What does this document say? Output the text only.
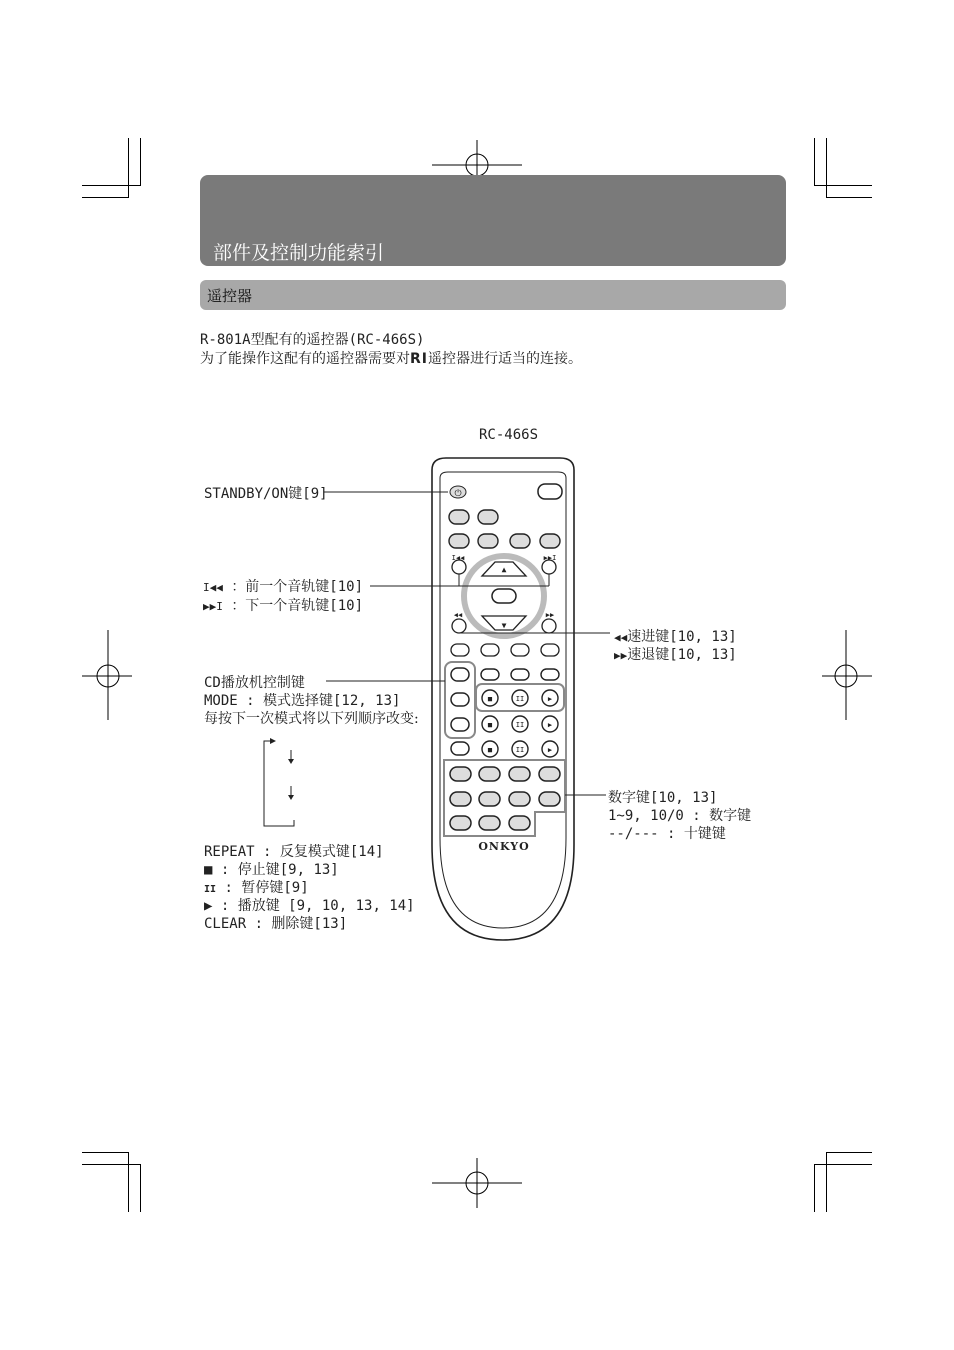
部件及控制功能索引
遥控器
R-801A型配有的遥控器(RC-466S)
为了能操作这配有的遥控器需要对RI遥控器进行适当的连接。
RC-466S
⏻
I◀◀	▶▶I
▲
▼
◀◀	▶▶
■	II	▶
■	II	▶
■	II	▶
ONKYO
STANDBY/ON键[9]
I◀◀ ：前一个音轨键[10]
▶▶I ：下一个音轨键[10]
◀◀速进键[10, 13]
▶▶速退键[10, 13]
CD播放机控制键
MODE : 模式选择键[12, 13]
每按下一次模式将以下列顺序改变:
数字键[10, 13]
1~9, 10/0 : 数字键
--/--- : 十键键
REPEAT : 反复模式键[14]
■ : 停止键[9, 13]
II : 暂停键[9]
▶ : 播放键 [9, 10, 13, 14]
CLEAR : 删除键[13]
